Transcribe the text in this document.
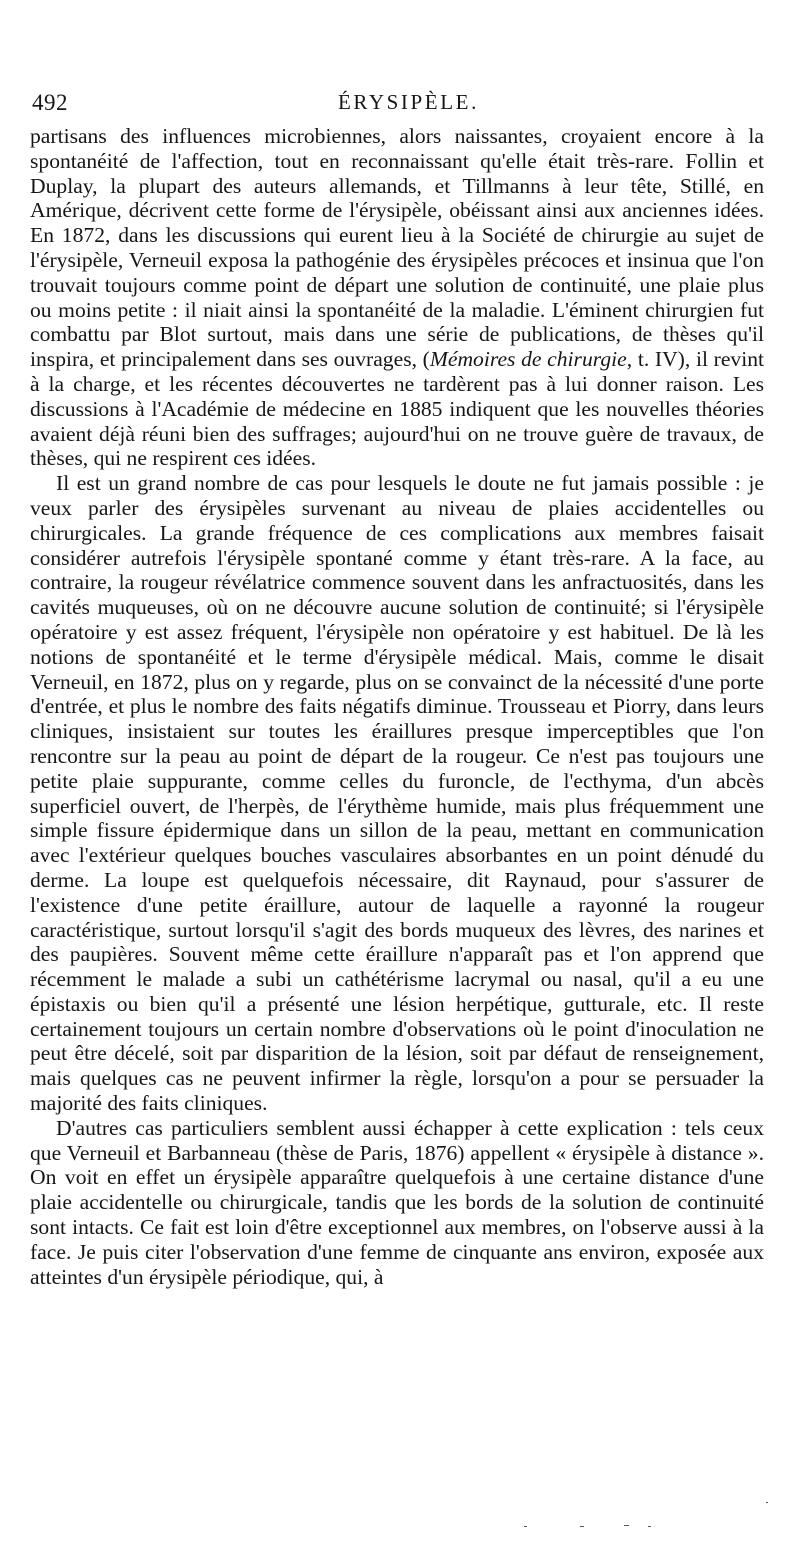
492	ÉRYSIPÈLE.

partisans des influences microbiennes, alors naissantes, croyaient encore à la spontanéité de l'affection, tout en reconnaissant qu'elle était très-rare. Follin et Duplay, la plupart des auteurs allemands, et Tillmanns à leur tête, Stillé, en Amérique, décrivent cette forme de l'érysipèle, obéissant ainsi aux anciennes idées. En 1872, dans les discussions qui eurent lieu à la Société de chirurgie au sujet de l'érysipèle, Verneuil exposa la pathogénie des érysipèles précoces et insinua que l'on trouvait toujours comme point de départ une solution de continuité, une plaie plus ou moins petite : il niait ainsi la spontanéité de la maladie. L'éminent chirurgien fut combattu par Blot surtout, mais dans une série de publications, de thèses qu'il inspira, et principalement dans ses ouvrages, (Mémoires de chirurgie, t. IV), il revint à la charge, et les récentes découvertes ne tardèrent pas à lui donner raison. Les discussions à l'Académie de médecine en 1885 indiquent que les nouvelles théories avaient déjà réuni bien des suffrages; aujourd'hui on ne trouve guère de travaux, de thèses, qui ne respirent ces idées.

Il est un grand nombre de cas pour lesquels le doute ne fut jamais possible : je veux parler des érysipèles survenant au niveau de plaies accidentelles ou chirurgicales. La grande fréquence de ces complications aux membres faisait considérer autrefois l'érysipèle spontané comme y étant très-rare. A la face, au contraire, la rougeur révélatrice commence souvent dans les anfractuosités, dans les cavités muqueuses, où on ne découvre aucune solution de continuité; si l'érysipèle opératoire y est assez fréquent, l'érysipèle non opératoire y est habituel. De là les notions de spontanéité et le terme d'érysipèle médical. Mais, comme le disait Verneuil, en 1872, plus on y regarde, plus on se convainct de la nécessité d'une porte d'entrée, et plus le nombre des faits négatifs diminue. Trousseau et Piorry, dans leurs cliniques, insistaient sur toutes les éraillures presque imperceptibles que l'on rencontre sur la peau au point de départ de la rougeur. Ce n'est pas toujours une petite plaie suppurante, comme celles du furoncle, de l'ecthyma, d'un abcès superficiel ouvert, de l'herpès, de l'érythème humide, mais plus fréquemment une simple fissure épidermique dans un sillon de la peau, mettant en communication avec l'extérieur quelques bouches vasculaires absorbantes en un point dénudé du derme. La loupe est quelquefois nécessaire, dit Raynaud, pour s'assurer de l'existence d'une petite éraillure, autour de laquelle a rayonné la rougeur caractéristique, surtout lorsqu'il s'agit des bords muqueux des lèvres, des narines et des paupières. Souvent même cette éraillure n'apparaît pas et l'on apprend que récemment le malade a subi un cathétérisme lacrymal ou nasal, qu'il a eu une épistaxis ou bien qu'il a présenté une lésion herpétique, gutturale, etc. Il reste certainement toujours un certain nombre d'observations où le point d'inoculation ne peut être décelé, soit par disparition de la lésion, soit par défaut de renseignement, mais quelques cas ne peuvent infirmer la règle, lorsqu'on a pour se persuader la majorité des faits cliniques.

D'autres cas particuliers semblent aussi échapper à cette explication : tels ceux que Verneuil et Barbanneau (thèse de Paris, 1876) appellent « érysipèle à distance ». On voit en effet un érysipèle apparaître quelquefois à une certaine distance d'une plaie accidentelle ou chirurgicale, tandis que les bords de la solution de continuité sont intacts. Ce fait est loin d'être exceptionnel aux membres, on l'observe aussi à la face. Je puis citer l'observation d'une femme de cinquante ans environ, exposée aux atteintes d'un érysipèle périodique, qui, à
